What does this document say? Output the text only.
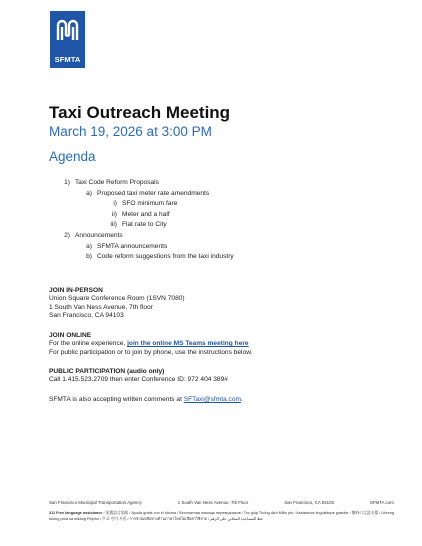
SFMTA
Taxi Outreach Meeting
March 19, 2026 at 3:00 PM
Agenda
1) Taxi Code Reform Proposals
a) Proposed taxi meter rate amendments
i) SFO minimum fare
ii) Meter and a half
iii) Flat rate to City
2) Announcements
a) SFMTA announcements
b) Code reform suggestions from the taxi industry
JOIN IN-PERSON
Union Square Conference Room (1SVN 7080)
1 South Van Ness Avenue, 7th floor
San Francisco, CA 94103
JOIN ONLINE
For the online experience, join the online MS Teams meeting here
For public participation or to join by phone, use the instructions below.
PUBLIC PARTICIPATION (audio only)
Call 1.415.523.2709 then enter Conference ID: 972 404 389#
SFMTA is also accepting written comments at SFTaxi@sfmta.com.
San Francisco Municipal Transportation Agency	1 South Van Ness Avenue, 7th Floor	San Francisco, CA 94103	SFMTA.com
311 Free language assistance / 免費語言協助 / Ayuda gratis con el idioma / Бесплатная помощь переводчиков / Trợ giúp Thông dịch Miễn phí / Assistance linguistique gratuite / 無料の言語支援 / Libreng tulong para sa wikang Filipino / 무료 언어 지원 / การช่วยเหลือทางด้านภาษาโดยไม่เสียค่าใช้จ่าย / خط المساعدة المجاني على الرقم
